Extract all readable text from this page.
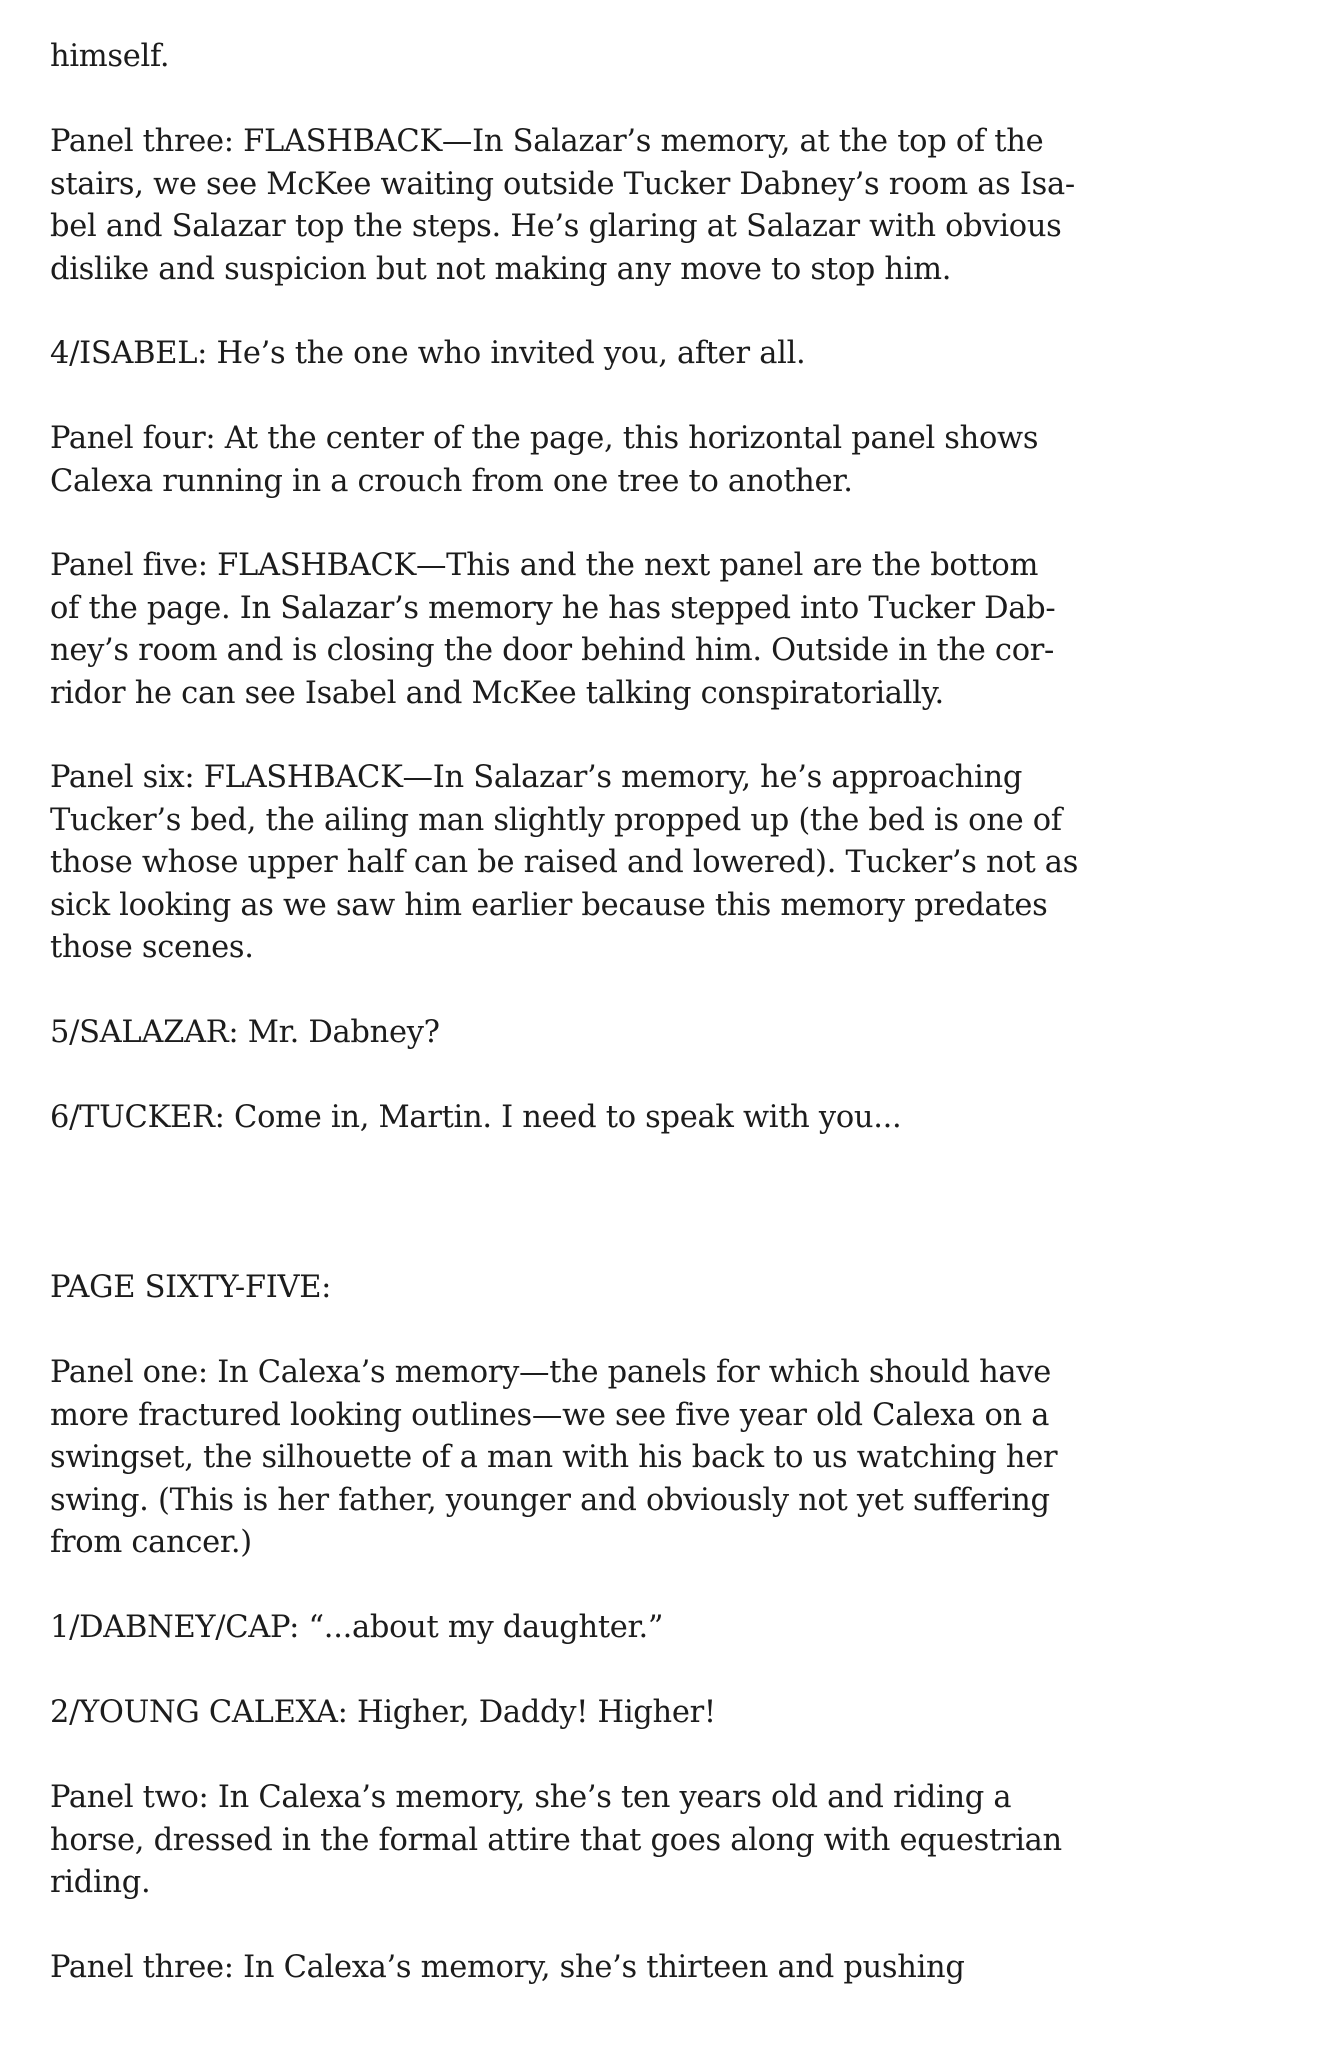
himself.

Panel three: FLASHBACK—In Salazar’s memory, at the top of the
stairs, we see McKee waiting outside Tucker Dabney’s room as Isa-
bel and Salazar top the steps. He’s glaring at Salazar with obvious
dislike and suspicion but not making any move to stop him.

4/ISABEL: He’s the one who invited you, after all.

Panel four: At the center of the page, this horizontal panel shows
Calexa running in a crouch from one tree to another.

Panel five: FLASHBACK—This and the next panel are the bottom
of the page. In Salazar’s memory he has stepped into Tucker Dab-
ney’s room and is closing the door behind him. Outside in the cor-
ridor he can see Isabel and McKee talking conspiratorially.

Panel six: FLASHBACK—In Salazar’s memory, he’s approaching
Tucker’s bed, the ailing man slightly propped up (the bed is one of
those whose upper half can be raised and lowered). Tucker’s not as
sick looking as we saw him earlier because this memory predates
those scenes.

5/SALAZAR: Mr. Dabney?

6/TUCKER: Come in, Martin. I need to speak with you...

PAGE SIXTY-FIVE:

Panel one: In Calexa’s memory—the panels for which should have
more fractured looking outlines—we see five year old Calexa on a
swingset, the silhouette of a man with his back to us watching her
swing. (This is her father, younger and obviously not yet suffering
from cancer.)

1/DABNEY/CAP: “...about my daughter.”

2/YOUNG CALEXA: Higher, Daddy! Higher!

Panel two: In Calexa’s memory, she’s ten years old and riding a
horse, dressed in the formal attire that goes along with equestrian
riding.

Panel three: In Calexa’s memory, she’s thirteen and pushing
